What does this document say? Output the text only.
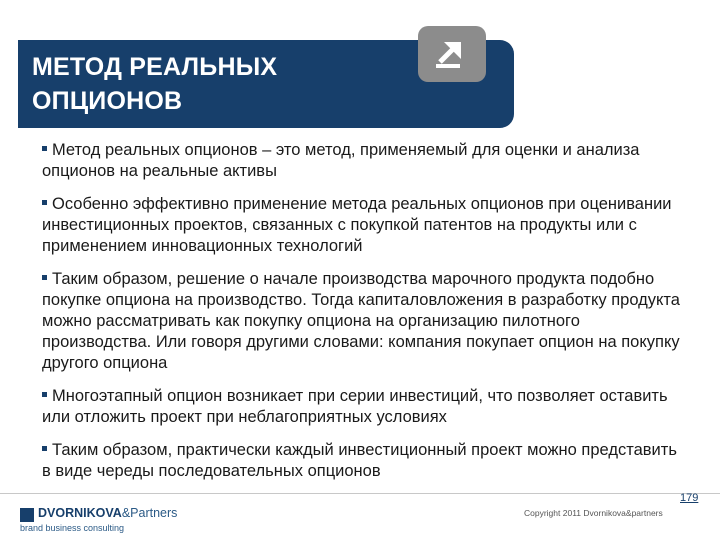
МЕТОД РЕАЛЬНЫХ
ОПЦИОНОВ
Метод реальных опционов – это метод, применяемый для оценки и анализа опционов на реальные активы
Особенно эффективно применение метода реальных опционов при оценивании инвестиционных проектов, связанных с покупкой патентов на продукты или с применением инновационных технологий
Таким образом, решение о начале производства марочного продукта подобно покупке опциона на производство. Тогда капиталовложения в разработку продукта можно рассматривать как покупку опциона на организацию пилотного производства. Или говоря другими словами: компания покупает опцион на покупку другого опциона
Многоэтапный опцион возникает при серии инвестиций, что позволяет оставить или отложить проект при неблагоприятных условиях
Таким образом, практически каждый инвестиционный проект можно представить в виде череды последовательных опционов
179
DVORNIKOVA&Partners
brand business consulting
Copyright 2011 Dvornikova&partners
